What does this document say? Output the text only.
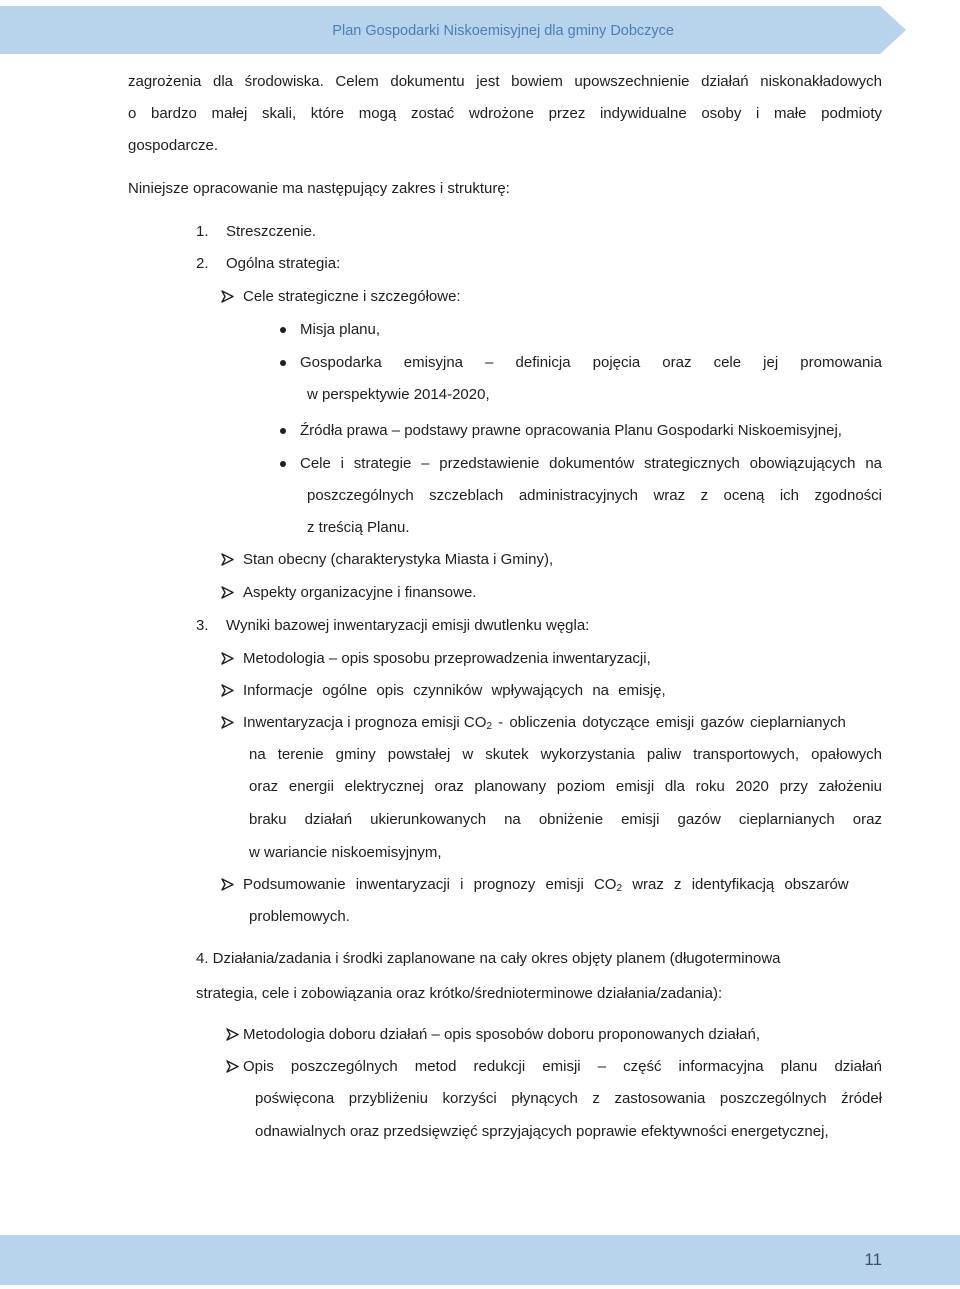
Plan Gospodarki Niskoemisyjnej dla gminy Dobczyce
zagrożenia dla środowiska. Celem dokumentu jest bowiem upowszechnienie działań niskonakładowych
o bardzo małej skali, które mogą zostać wdrożone przez indywidualne osoby i małe podmioty
gospodarcze.
Niniejsze opracowanie ma następujący zakres i strukturę:
1. Streszczenie.
2. Ogólna strategia:
Cele strategiczne i szczegółowe:
Misja planu,
Gospodarka emisyjna – definicja pojęcia oraz cele jej promowania
w perspektywie 2014-2020,
Źródła prawa – podstawy prawne opracowania Planu Gospodarki Niskoemisyjnej,
Cele i strategie – przedstawienie dokumentów strategicznych obowiązujących na
poszczególnych szczeblach administracyjnych wraz z oceną ich zgodności
z treścią Planu.
Stan obecny (charakterystyka Miasta i Gminy),
Aspekty organizacyjne i finansowe.
3. Wyniki bazowej inwentaryzacji emisji dwutlenku węgla:
Metodologia – opis sposobu przeprowadzenia inwentaryzacji,
Informacje ogólne opis czynników wpływających na emisję,
Inwentaryzacja i prognoza emisji $CO_2$ - obliczenia dotyczące emisji gazów cieplarnianych
na terenie gminy powstałej w skutek wykorzystania paliw transportowych, opałowych
oraz energii elektrycznej oraz planowany poziom emisji dla roku 2020 przy założeniu
braku działań ukierunkowanych na obniżenie emisji gazów cieplarnianych oraz
w wariancie niskoemisyjnym,
Podsumowanie inwentaryzacji i prognozy emisji $CO_2$ wraz z identyfikacją obszarów
problemowych.
4. Działania/zadania i środki zaplanowane na cały okres objęty planem (długoterminowa
strategia, cele i zobowiązania oraz krótko/średnioterminowe działania/zadania):
Metodologia doboru działań – opis sposobów doboru proponowanych działań,
Opis poszczególnych metod redukcji emisji – część informacyjna planu działań
poświęcona przybliżeniu korzyści płynących z zastosowania poszczególnych źródeł
odnawialnych oraz przedsięwzięć sprzyjających poprawie efektywności energetycznej,
11
